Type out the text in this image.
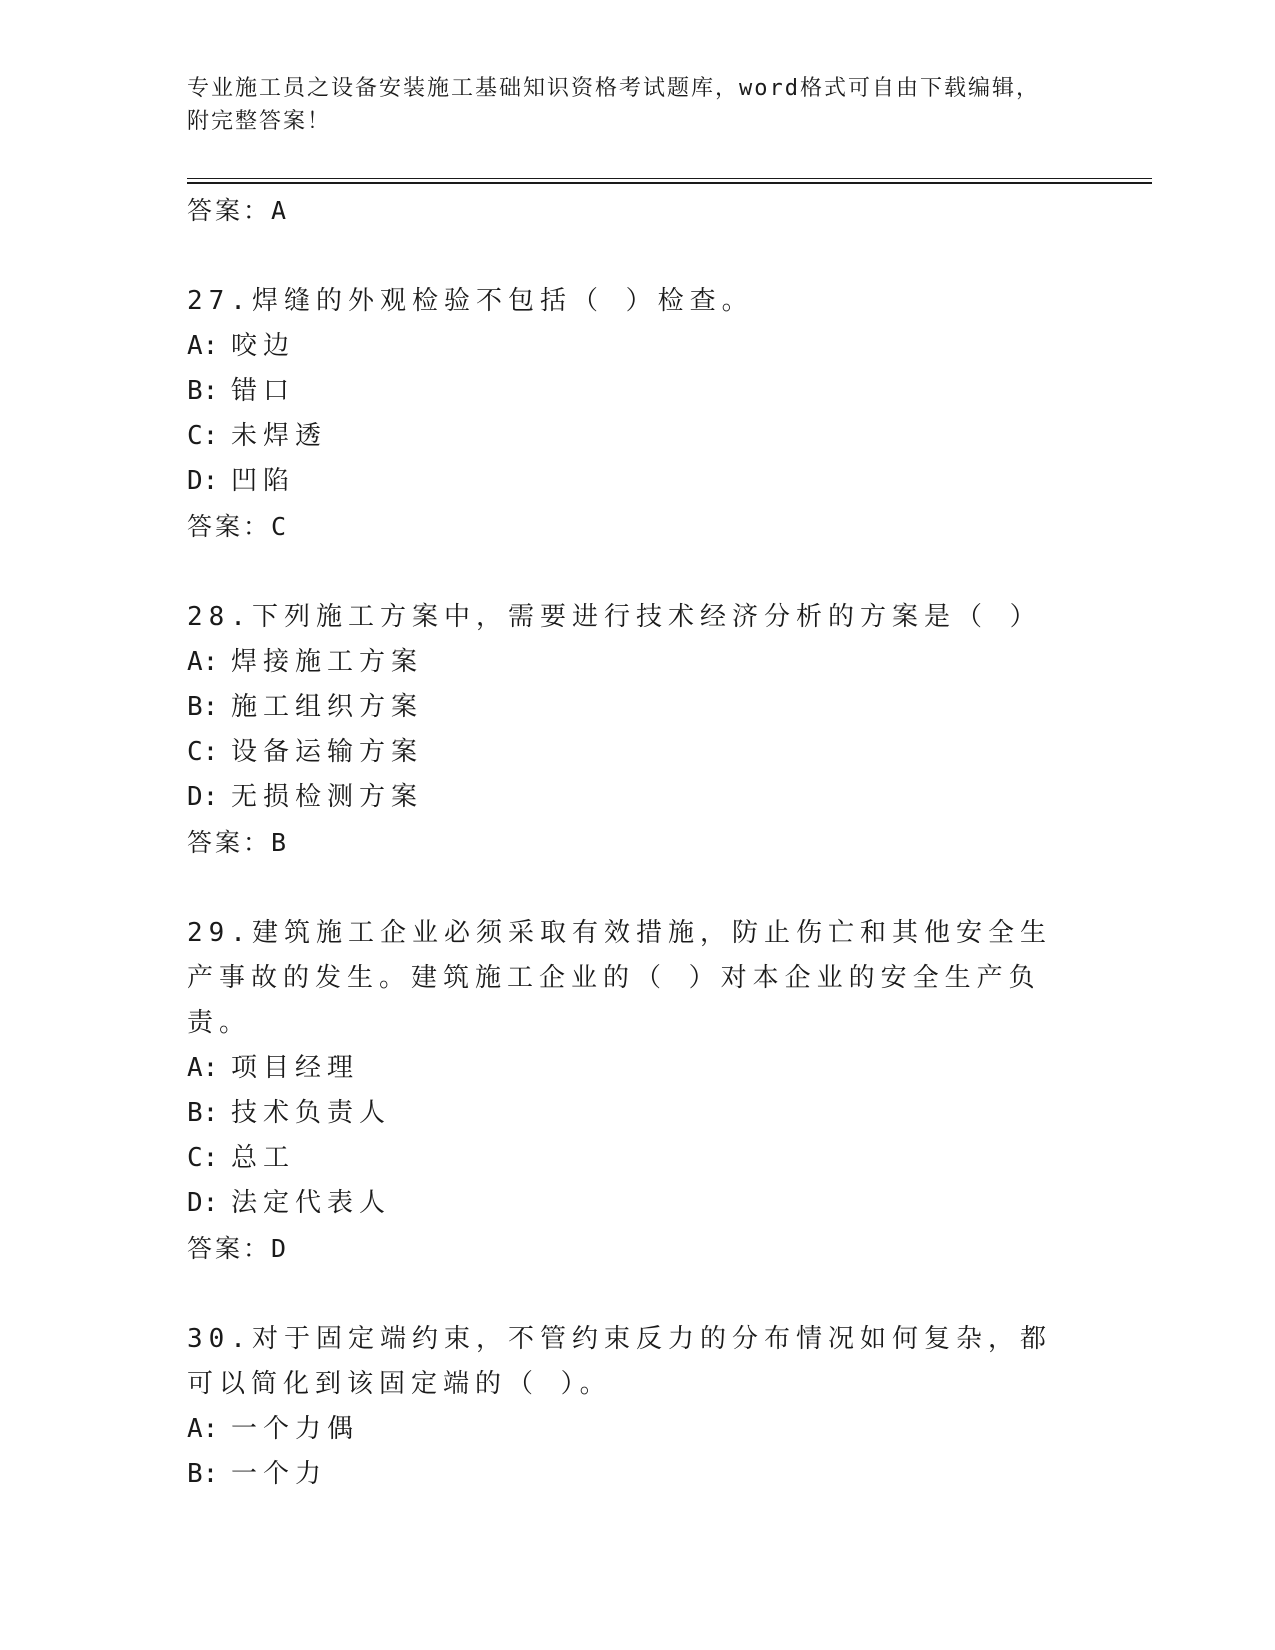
专业施工员之设备安装施工基础知识资格考试题库，word格式可自由下载编辑，
附完整答案！
答案：A
27.焊缝的外观检验不包括（ ）检查。
A: 咬边
B: 错口
C: 未焊透
D: 凹陷
答案：C
28.下列施工方案中，需要进行技术经济分析的方案是（ ）
A: 焊接施工方案
B: 施工组织方案
C: 设备运输方案
D: 无损检测方案
答案：B
29.建筑施工企业必须采取有效措施，防止伤亡和其他安全生产事故的发生。建筑施工企业的（ ）对本企业的安全生产负责。
A: 项目经理
B: 技术负责人
C: 总工
D: 法定代表人
答案：D
30.对于固定端约束，不管约束反力的分布情况如何复杂，都可以简化到该固定端的（ ）。
A: 一个力偶
B: 一个力
